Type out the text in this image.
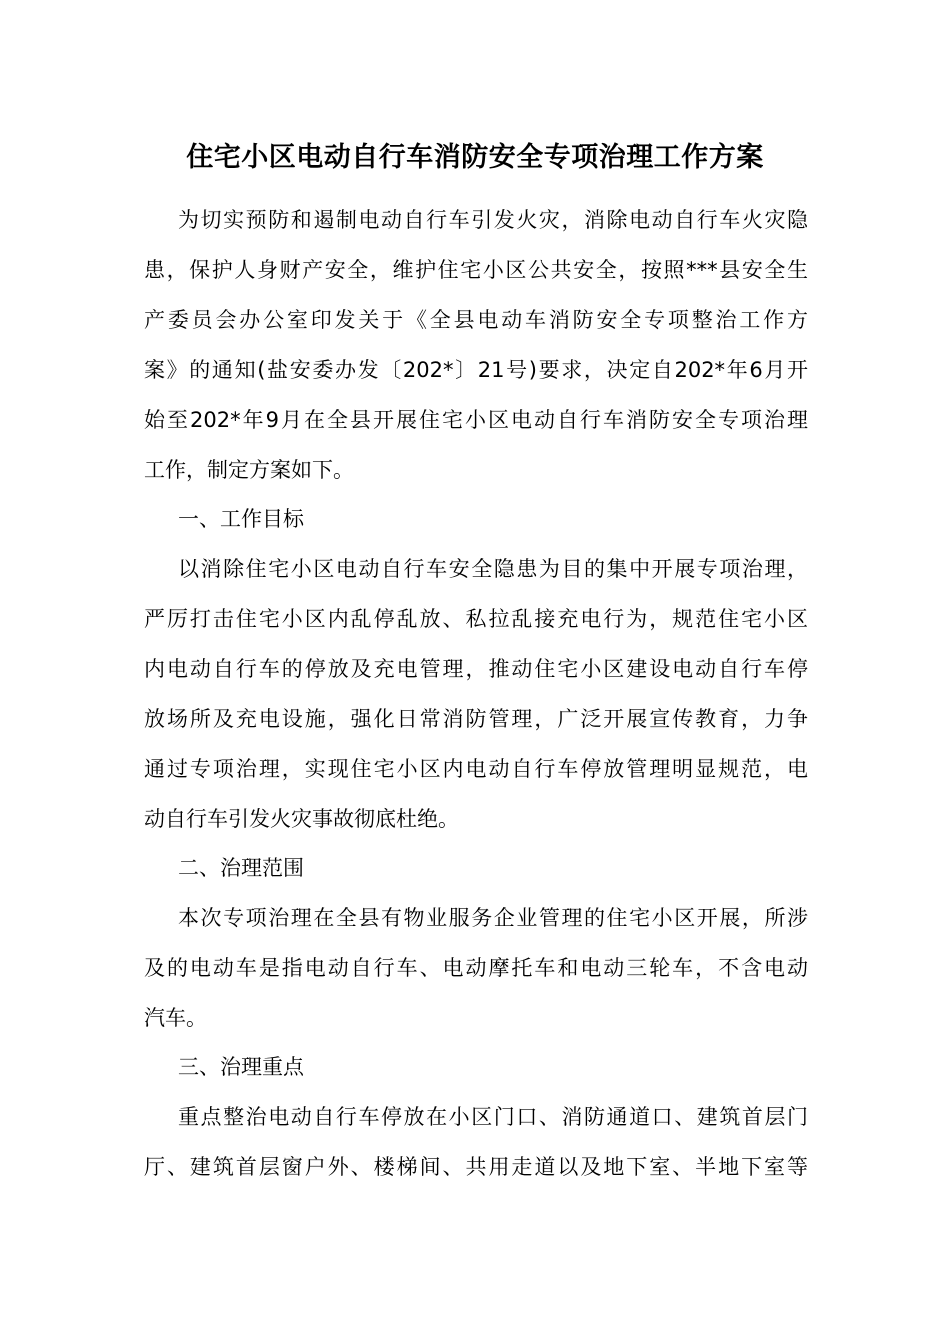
住宅小区电动自行车消防安全专项治理工作方案
为切实预防和遏制电动自行车引发火灾，消除电动自行车火灾隐
患，保护人身财产安全，维护住宅小区公共安全，按照***县安全生
产委员会办公室印发关于《全县电动车消防安全专项整治工作方
案》的通知(盐安委办发〔202*〕21号)要求，决定自202*年6月开
始至202*年9月在全县开展住宅小区电动自行车消防安全专项治理
工作，制定方案如下。
一、工作目标
以消除住宅小区电动自行车安全隐患为目的集中开展专项治理，
严厉打击住宅小区内乱停乱放、私拉乱接充电行为，规范住宅小区
内电动自行车的停放及充电管理，推动住宅小区建设电动自行车停
放场所及充电设施，强化日常消防管理，广泛开展宣传教育，力争
通过专项治理，实现住宅小区内电动自行车停放管理明显规范，电
动自行车引发火灾事故彻底杜绝。
二、治理范围
本次专项治理在全县有物业服务企业管理的住宅小区开展，所涉
及的电动车是指电动自行车、电动摩托车和电动三轮车，不含电动
汽车。
三、治理重点
重点整治电动自行车停放在小区门口、消防通道口、建筑首层门
厅、建筑首层窗户外、楼梯间、共用走道以及地下室、半地下室等
